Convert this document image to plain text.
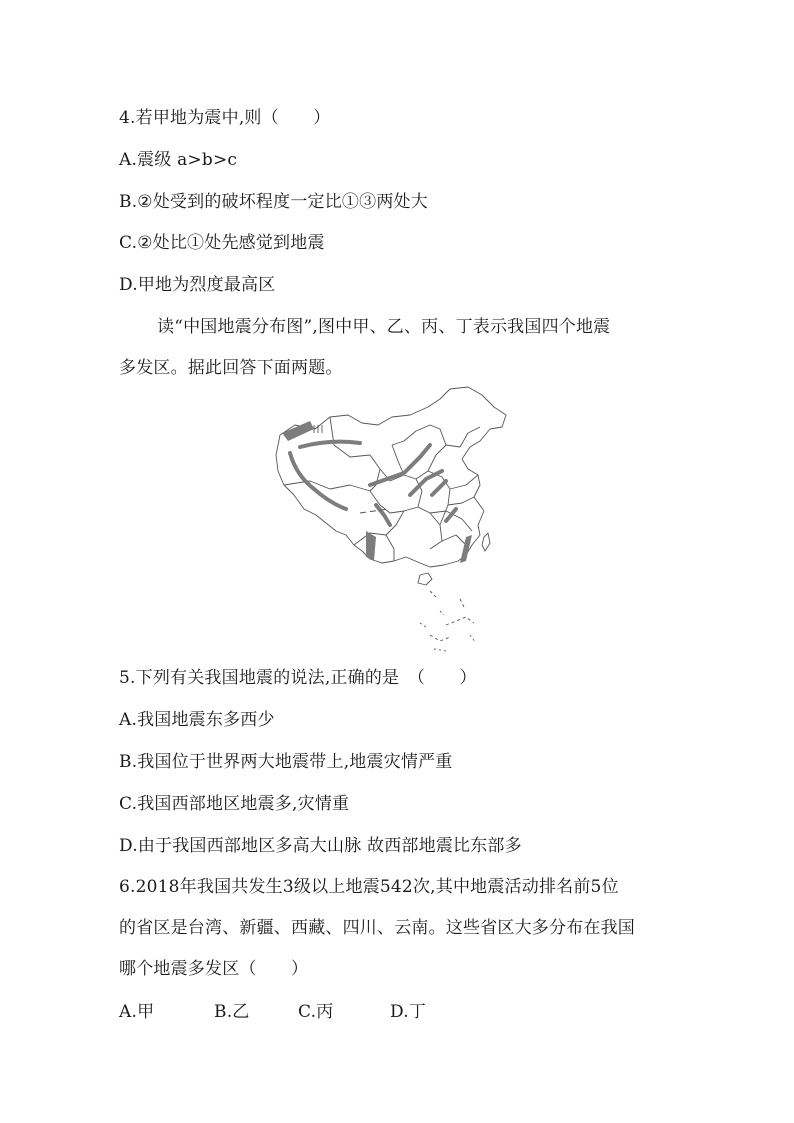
4.若甲地为震中,则（　　）
A.震级 a>b>c
B.②处受到的破坏程度一定比①③两处大
C.②处比①处先感觉到地震
D.甲地为烈度最高区
读“中国地震分布图”,图中甲、乙、丙、丁表示我国四个地震
多发区。据此回答下面两题。
5.下列有关我国地震的说法,正确的是　（　　）
A.我国地震东多西少
B.我国位于世界两大地震带上,地震灾情严重
C.我国西部地区地震多,灾情重
D.由于我国西部地区多高大山脉 故西部地震比东部多
6.2018年我国共发生3级以上地震542次,其中地震活动排名前5位
的省区是台湾、新疆、西藏、四川、云南。这些省区大多分布在我国
哪个地震多发区（　　）
A.甲	B.乙	C.丙	D.丁
